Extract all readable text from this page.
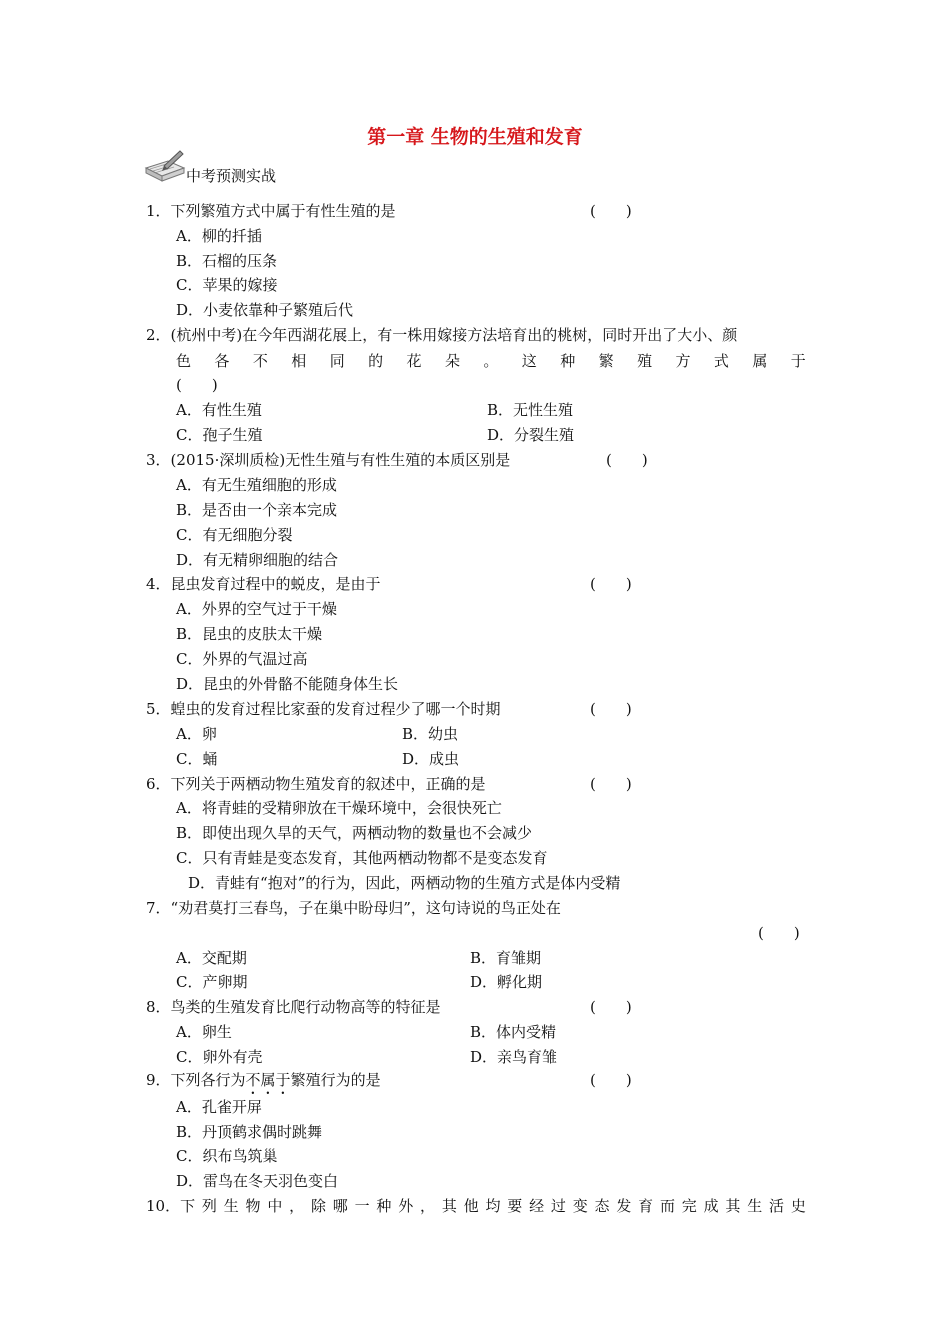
第一章 生物的生殖和发育
中考预测实战
1．下列繁殖方式中属于有性生殖的是	(　　)
A．柳的扦插
B．石榴的压条
C．苹果的嫁接
D．小麦依靠种子繁殖后代
2．(杭州中考)在今年西湖花展上，有一株用嫁接方法培育出的桃树，同时开出了大小、颜
色 各 不 相 同 的 花 朵 。 这 种 繁 殖 方 式 属 于
(　　)
A．有性生殖	B．无性生殖
C．孢子生殖	D．分裂生殖
3．(2015·深圳质检)无性生殖与有性生殖的本质区别是	(　　)
A．有无生殖细胞的形成
B．是否由一个亲本完成
C．有无细胞分裂
D．有无精卵细胞的结合
4．昆虫发育过程中的蜕皮，是由于	(　　)
A．外界的空气过于干燥
B．昆虫的皮肤太干燥
C．外界的气温过高
D．昆虫的外骨骼不能随身体生长
5．蝗虫的发育过程比家蚕的发育过程少了哪一个时期	(　　)
A．卵	B．幼虫
C．蛹	D．成虫
6．下列关于两栖动物生殖发育的叙述中，正确的是	(　　)
A．将青蛙的受精卵放在干燥环境中，会很快死亡
B．即使出现久旱的天气，两栖动物的数量也不会减少
C．只有青蛙是变态发育，其他两栖动物都不是变态发育
D．青蛙有“抱对”的行为，因此，两栖动物的生殖方式是体内受精
7．“劝君莫打三春鸟，子在巢中盼母归”，这句诗说的鸟正处在
(　　)
A．交配期	B．育雏期
C．产卵期	D．孵化期
8．鸟类的生殖发育比爬行动物高等的特征是	(　　)
A．卵生	B．体内受精
C．卵外有壳	D．亲鸟育雏
9．下列各行为不属于繁殖行为的是	(　　)
A．孔雀开屏
B．丹顶鹤求偶时跳舞
C．织布鸟筑巢
D．雷鸟在冬天羽色变白
10．下 列 生 物 中 ， 除 哪 一 种 外 ， 其 他 均 要 经 过 变 态 发 育 而 完 成 其 生 活 史
